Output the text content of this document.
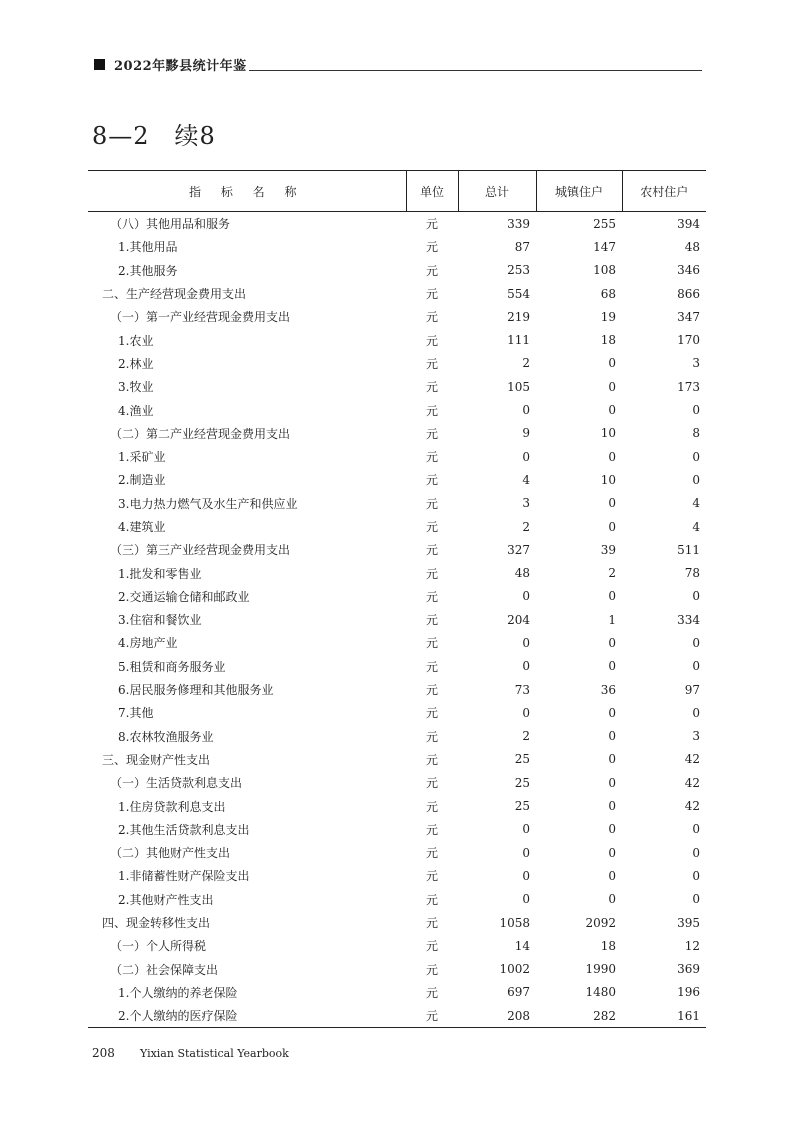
2022年黟县统计年鉴
8—2　续8
指 标 名 称	单位	总计	城镇住户	农村住户
（八）其他用品和服务	元	339	255	394
1.其他用品	元	87	147	48
2.其他服务	元	253	108	346
二、生产经营现金费用支出	元	554	68	866
（一）第一产业经营现金费用支出	元	219	19	347
1.农业	元	111	18	170
2.林业	元	2	0	3
3.牧业	元	105	0	173
4.渔业	元	0	0	0
（二）第二产业经营现金费用支出	元	9	10	8
1.采矿业	元	0	0	0
2.制造业	元	4	10	0
3.电力热力燃气及水生产和供应业	元	3	0	4
4.建筑业	元	2	0	4
（三）第三产业经营现金费用支出	元	327	39	511
1.批发和零售业	元	48	2	78
2.交通运输仓储和邮政业	元	0	0	0
3.住宿和餐饮业	元	204	1	334
4.房地产业	元	0	0	0
5.租赁和商务服务业	元	0	0	0
6.居民服务修理和其他服务业	元	73	36	97
7.其他	元	0	0	0
8.农林牧渔服务业	元	2	0	3
三、现金财产性支出	元	25	0	42
（一）生活贷款利息支出	元	25	0	42
1.住房贷款利息支出	元	25	0	42
2.其他生活贷款利息支出	元	0	0	0
（二）其他财产性支出	元	0	0	0
1.非储蓄性财产保险支出	元	0	0	0
2.其他财产性支出	元	0	0	0
四、现金转移性支出	元	1058	2092	395
（一）个人所得税	元	14	18	12
（二）社会保障支出	元	1002	1990	369
1.个人缴纳的养老保险	元	697	1480	196
2.个人缴纳的医疗保险	元	208	282	161
208 Yixian Statistical Yearbook
